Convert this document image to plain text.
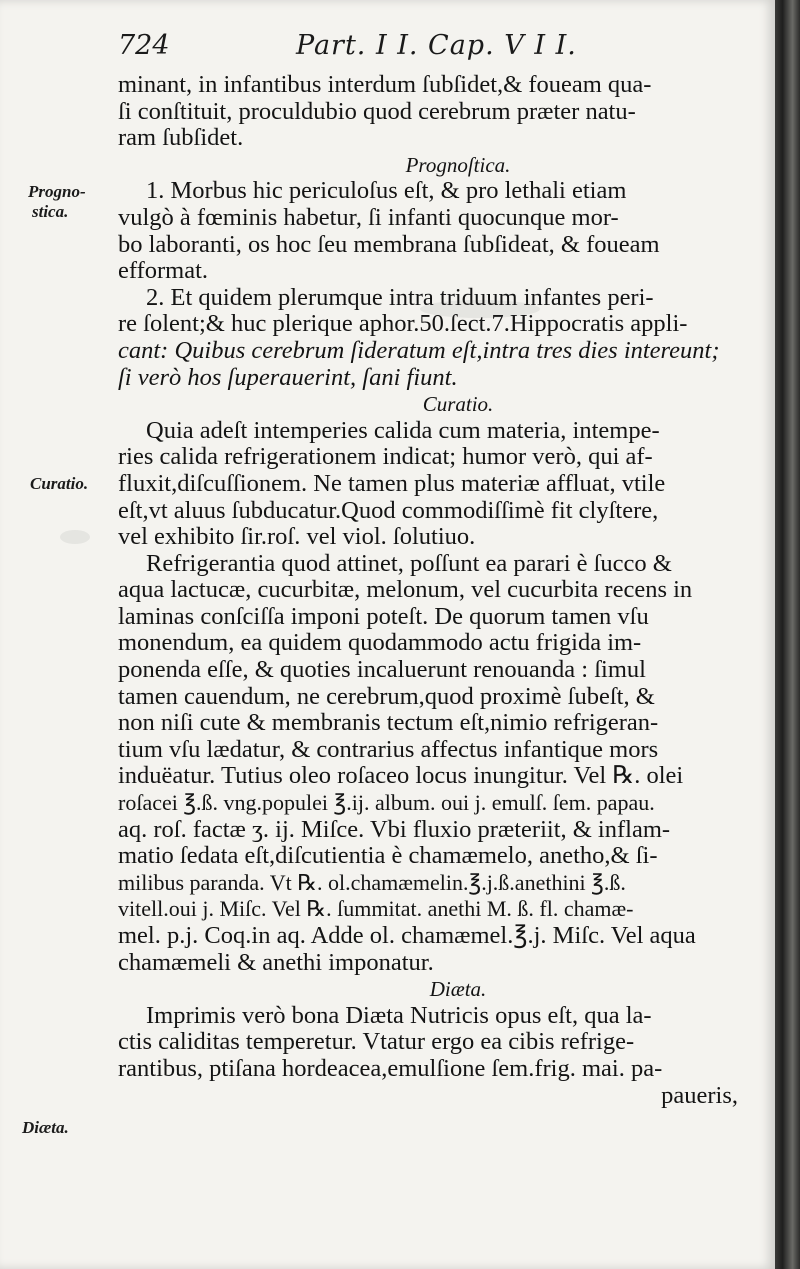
724	Part. I I. Cap. V I I.
Progno-
stica.
Curatio.
Diæta.
minant, in infantibus interdum ſubſidet,& foueam qua-
ſi conſtituit, proculdubio quod cerebrum præter natu-
ram ſubſidet.
Prognoſtica.
1. Morbus hic periculoſus eſt, & pro lethali etiam
vulgò à fœminis habetur, ſi infanti quocunque mor-
bo laboranti, os hoc ſeu membrana ſubſideat, & foueam
efformat.
2. Et quidem plerumque intra triduum infantes peri-
re ſolent;& huc plerique aphor.50.ſect.7.Hippocratis appli-
cant: Quibus cerebrum ſideratum eſt,intra tres dies intereunt;
ſi verò hos ſuperauerint, ſani fiunt.
Curatio.
Quia adeſt intemperies calida cum materia, intempe-
ries calida refrigerationem indicat; humor verò, qui af-
fluxit,diſcuſſionem. Ne tamen plus materiæ affluat, vtile
eſt,vt aluus ſubducatur.Quod commodiſſimè fit clyſtere,
vel exhibito ſir.roſ. vel viol. ſolutiuo.
Refrigerantia quod attinet, poſſunt ea parari è ſucco &
aqua lactucæ, cucurbitæ, melonum, vel cucurbita recens in
laminas conſciſſa imponi poteſt. De quorum tamen vſu
monendum, ea quidem quodammodo actu frigida im-
ponenda eſſe, & quoties incaluerunt renouanda : ſimul
tamen cauendum, ne cerebrum,quod proximè ſubeſt, &
non niſi cute & membranis tectum eſt,nimio refrigeran-
tium vſu lædatur, & contrarius affectus infantique mors
induëatur. Tutius oleo roſaceo locus inungitur. Vel ℞. olei
roſacei ℥.ß. vng.populei ℥.ij. album. oui j. emulſ. ſem. papau.
aq. roſ. factæ ʒ. ij. Miſce. Vbi fluxio præteriit, & inflam-
matio ſedata eſt,diſcutientia è chamæmelo, anetho,& ſi-
milibus paranda. Vt ℞. ol.chamæmelin.℥.j.ß.anethini ℥.ß.
vitell.oui j. Miſc. Vel ℞. ſummitat. anethi M. ß. fl. chamæ-
mel. p.j. Coq.in aq. Adde ol. chamæmel.℥.j. Miſc. Vel aqua
chamæmeli & anethi imponatur.
Diæta.
Imprimis verò bona Diæta Nutricis opus eſt, qua la-
ctis caliditas temperetur. Vtatur ergo ea cibis refrige-
rantibus, ptiſana hordeacea,emulſione ſem.frig. mai. pa-
paueris,
